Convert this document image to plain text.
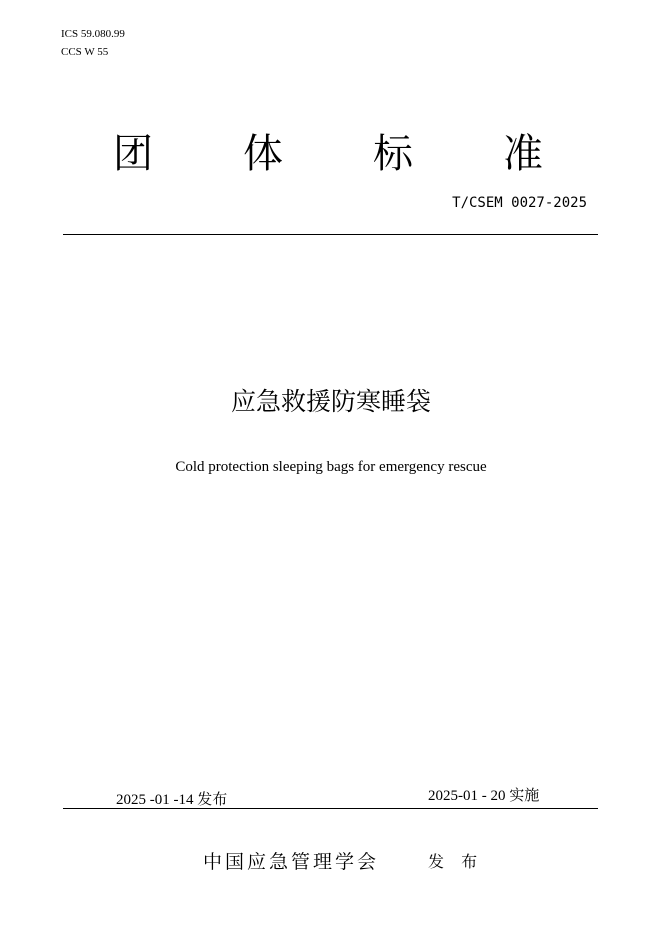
ICS 59.080.99
CCS W 55
团 体 标 准
T/CSEM 0027-2025
应急救援防寒睡袋
Cold protection sleeping bags for emergency rescue
2025 -01 -14 发布	2025-01 - 20 实施
中国应急管理学会	发 布
